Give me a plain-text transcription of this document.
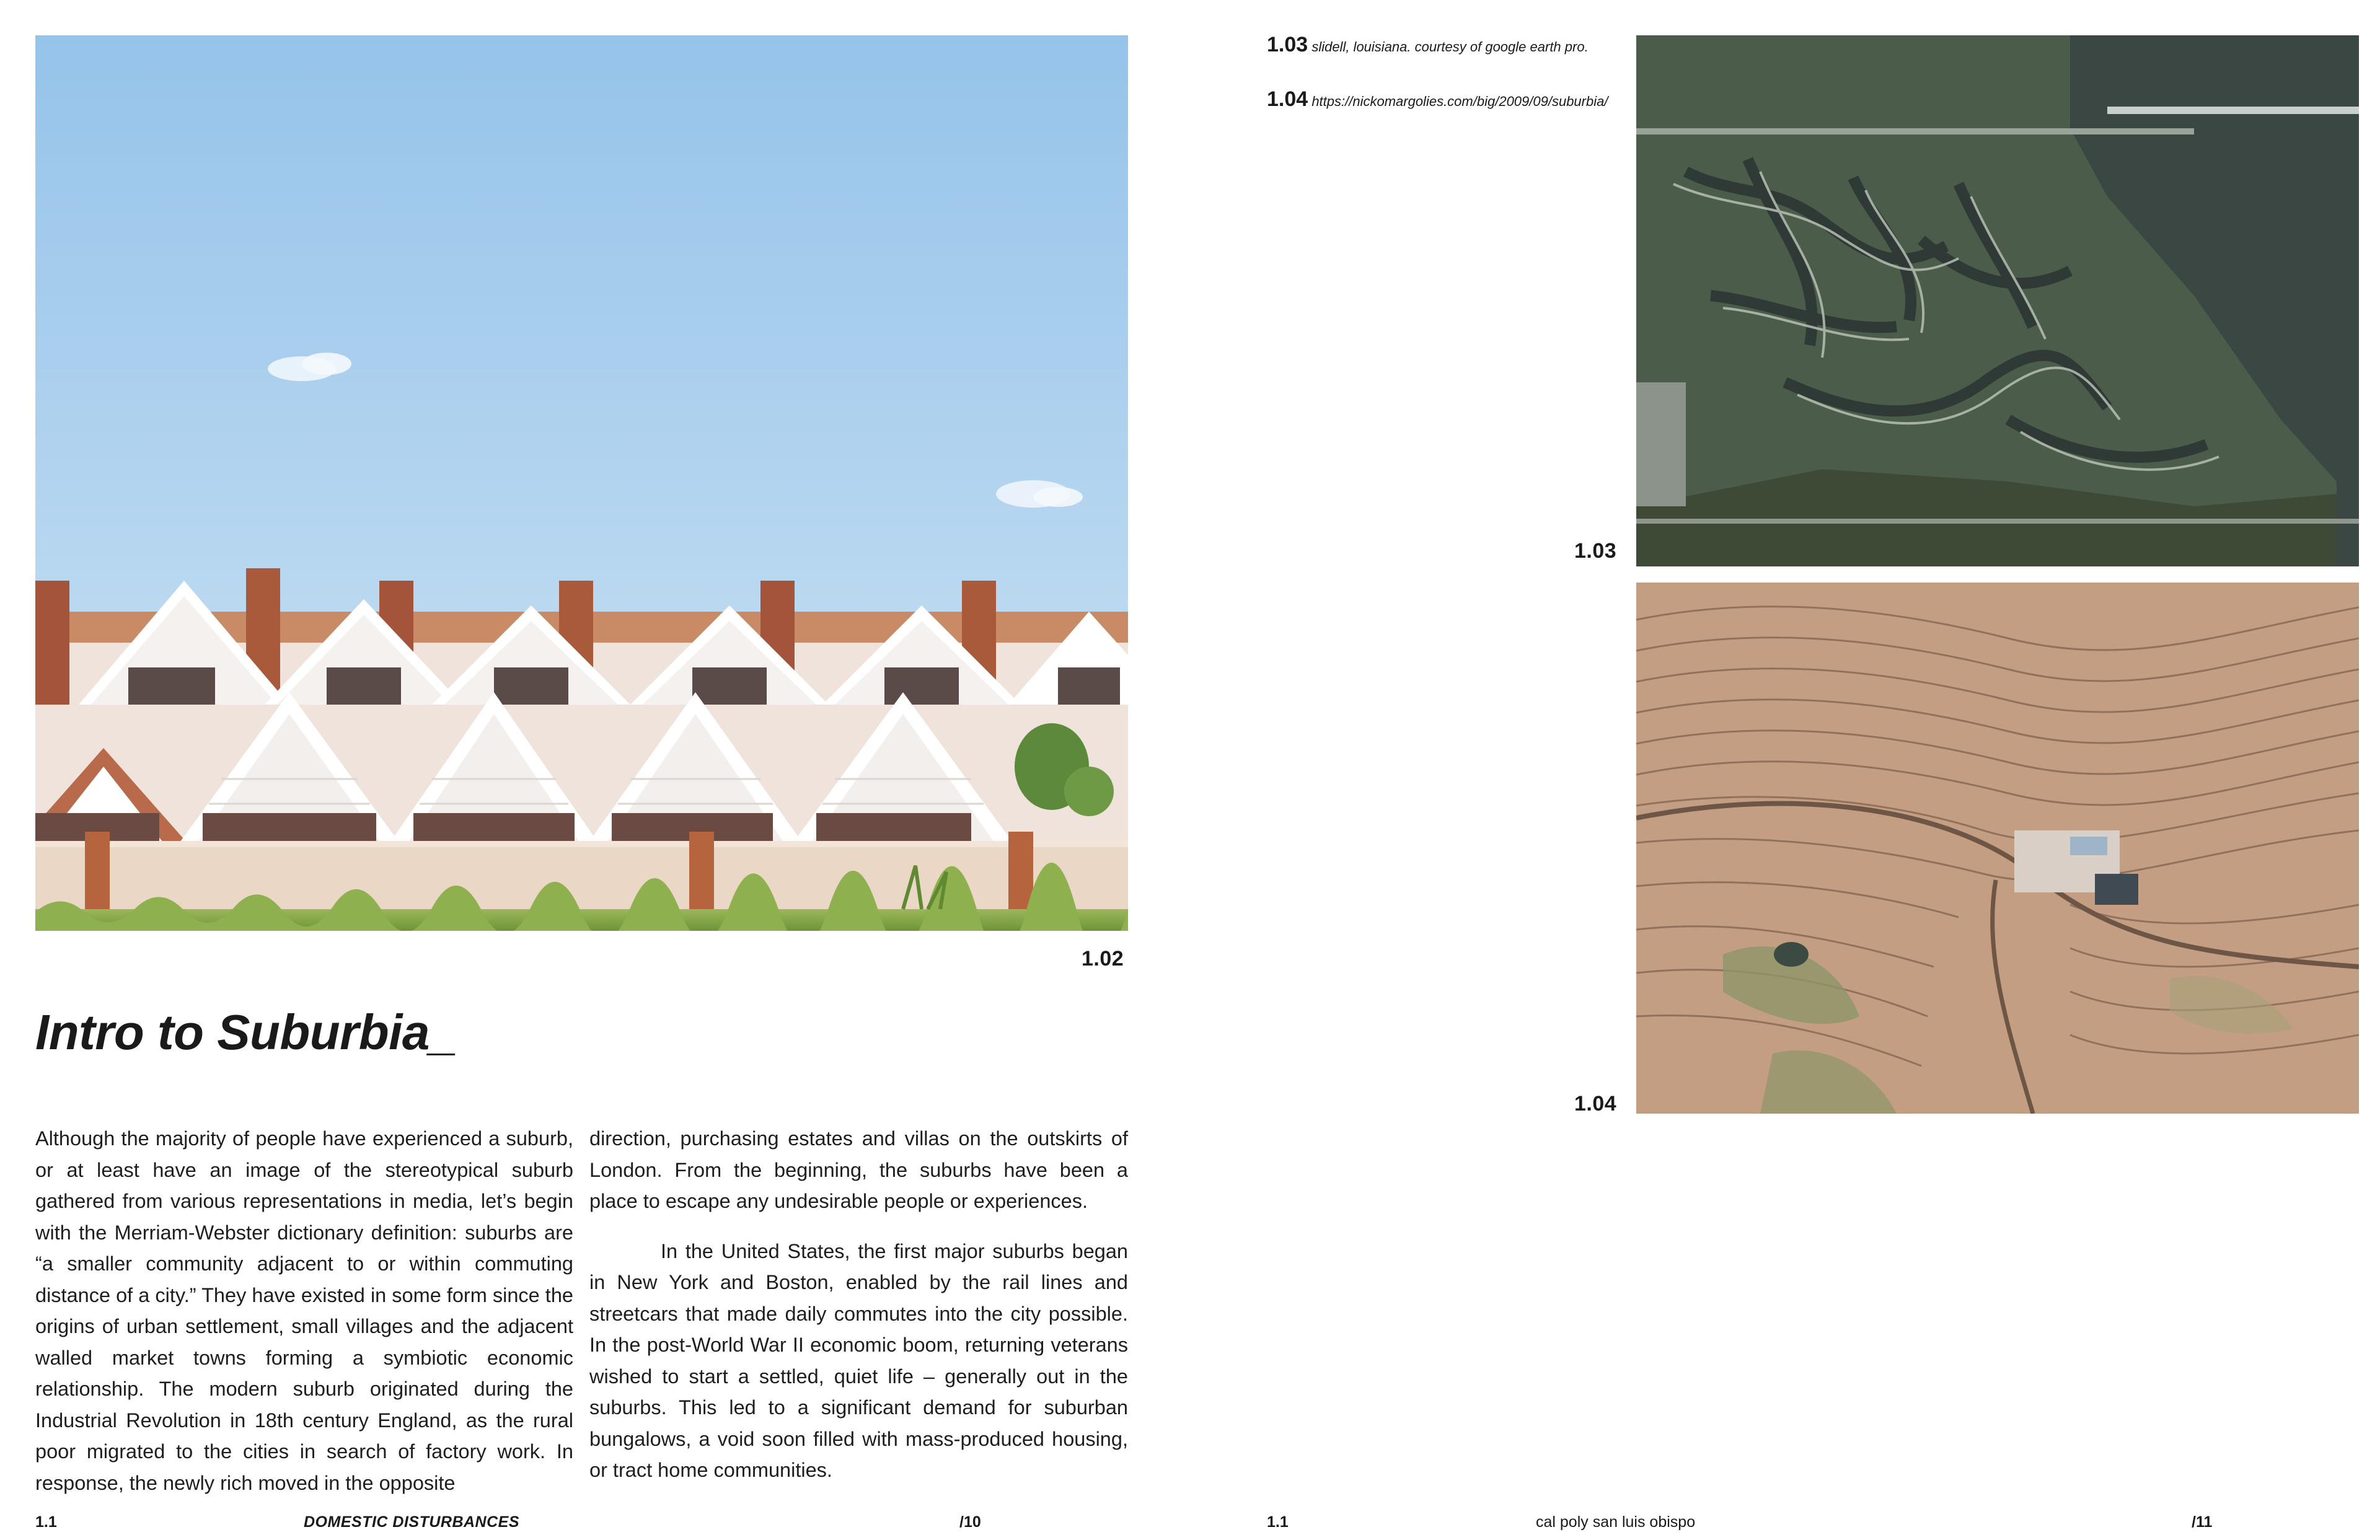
1.02
Intro to Suburbia_

Although the majority of people have experienced a suburb, or at least have an image of the stereotypical suburb gathered from various representations in media, let’s begin with the Merriam-Webster dictionary definition: suburbs are “a smaller community adjacent to or within commuting distance of a city.” They have existed in some form since the origins of urban settlement, small villages and the adjacent walled market towns forming a symbiotic economic relationship. The modern suburb originated during the Industrial Revolution in 18th century England, as the rural poor migrated to the cities in search of factory work. In response, the newly rich moved in the opposite

direction, purchasing estates and villas on the outskirts of London. From the beginning, the suburbs have been a place to escape any undesirable people or experiences.

In the United States, the first major suburbs began in New York and Boston, enabled by the rail lines and streetcars that made daily commutes into the city possible. In the post-World War II economic boom, returning veterans wished to start a settled, quiet life – generally out in the suburbs. This led to a significant demand for suburban bungalows, a void soon filled with mass-produced housing, or tract home communities.

1.1	DOMESTIC DISTURBANCES	/10
1.03 slidell, louisiana. courtesy of google earth pro.
1.04 https://nickomargolies.com/big/2009/09/suburbia/
1.03
1.04
1.1	cal poly san luis obispo	/11
